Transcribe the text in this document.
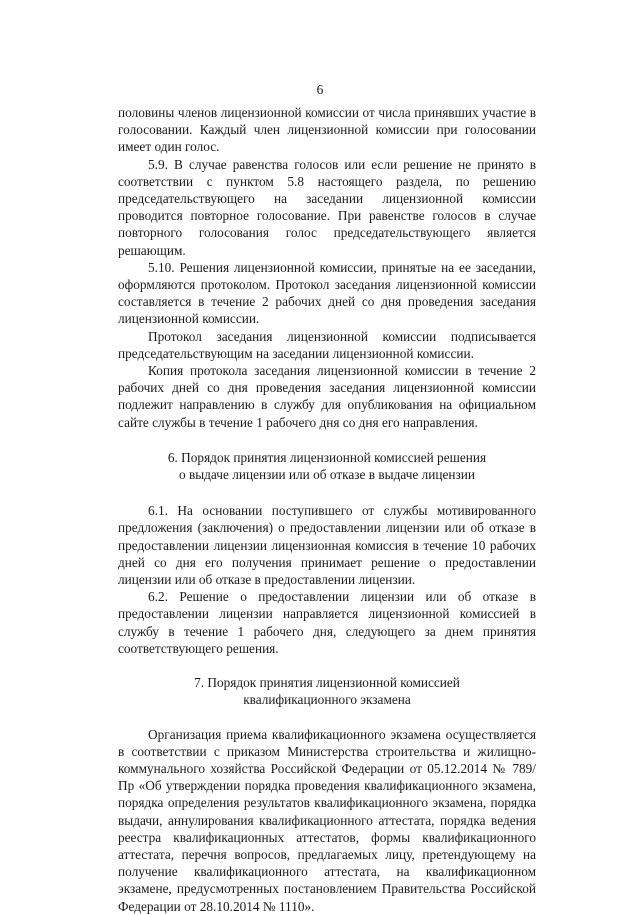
6

половины членов лицензионной комиссии от числа принявших участие в голосовании. Каждый член лицензионной комиссии при голосовании имеет один голос.

5.9. В случае равенства голосов или если решение не принято в соответствии с пунктом 5.8 настоящего раздела, по решению председательствующего на заседании лицензионной комиссии проводится повторное голосование. При равенстве голосов в случае повторного голосования голос председательствующего является решающим.

5.10. Решения лицензионной комиссии, принятые на ее заседании, оформляются протоколом. Протокол заседания лицензионной комиссии составляется в течение 2 рабочих дней со дня проведения заседания лицензионной комиссии.

Протокол заседания лицензионной комиссии подписывается председательствующим на заседании лицензионной комиссии.

Копия протокола заседания лицензионной комиссии в течение 2 рабочих дней со дня проведения заседания лицензионной комиссии подлежит направлению в службу для опубликования на официальном сайте службы в течение 1 рабочего дня со дня его направления.

6. Порядок принятия лицензионной комиссией решения
о выдаче лицензии или об отказе в выдаче лицензии

6.1. На основании поступившего от службы мотивированного предложения (заключения) о предоставлении лицензии или об отказе в предоставлении лицензии лицензионная комиссия в течение 10 рабочих дней со дня его получения принимает решение о предоставлении лицензии или об отказе в предоставлении лицензии.

6.2. Решение о предоставлении лицензии или об отказе в предоставлении лицензии направляется лицензионной комиссией в службу в течение 1 рабочего дня, следующего за днем принятия соответствующего решения.

7. Порядок принятия лицензионной комиссией
квалификационного экзамена

Организация приема квалификационного экзамена осуществляется в соответствии с приказом Министерства строительства и жилищно-коммунального хозяйства Российской Федерации от 05.12.2014 № 789/Пр «Об утверждении порядка проведения квалификационного экзамена, порядка определения результатов квалификационного экзамена, порядка выдачи, аннулирования квалификационного аттестата, порядка ведения реестра квалификационных аттестатов, формы квалификационного аттестата, перечня вопросов, предлагаемых лицу, претендующему на получение квалификационного аттестата, на квалификационном экзамене, предусмотренных постановлением Правительства Российской Федерации от 28.10.2014 № 1110».
